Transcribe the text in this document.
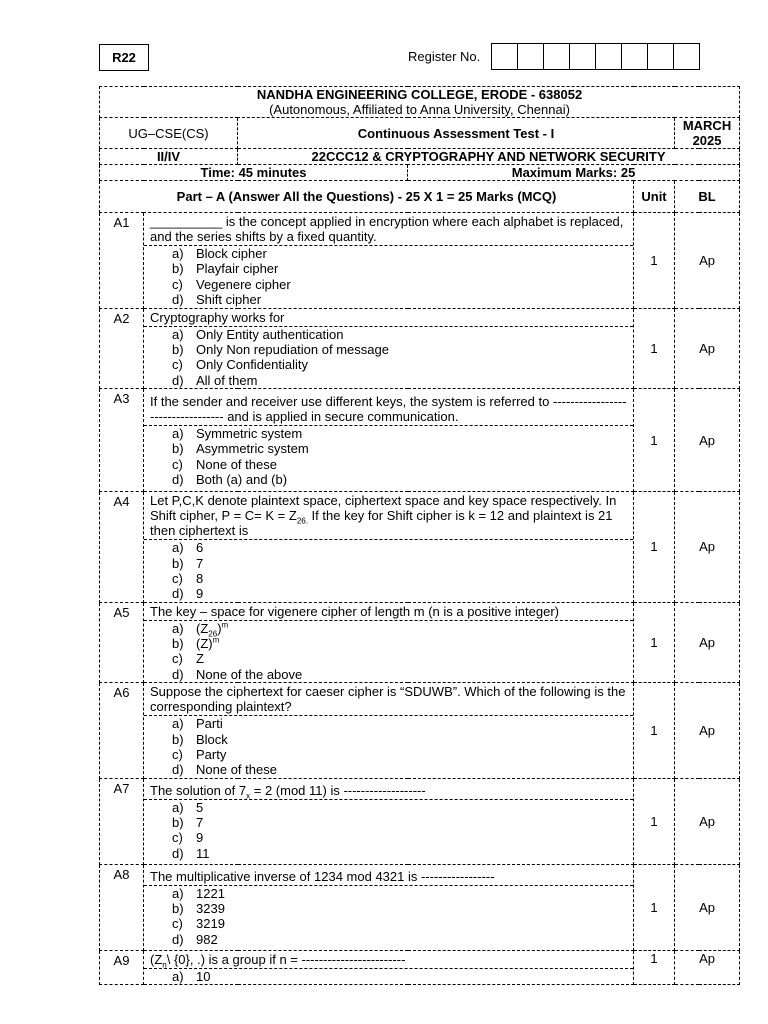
R22	Register No.
NANDHA ENGINEERING COLLEGE, ERODE - 638052
(Autonomous, Affiliated to Anna University, Chennai)

UG–CSE(CS)	Continuous Assessment Test - I	MARCH 2025
II/IV	22CCC12 & CRYPTOGRAPHY AND NETWORK SECURITY
Time: 45 minutes	Maximum Marks: 25
Part – A (Answer All the Questions) - 25 X 1 = 25 Marks (MCQ)	Unit	BL
A1	__________ is the concept applied in encryption where each alphabet is replaced, and the series shifts by a fixed quantity.

a) Block cipher
b) Playfair cipher
c)	Vegenere cipher
d) Shift cipher
	1	Ap
A2	Cryptography works for

a) Only Entity authentication
b) Only Non repudiation of message
c)	Only Confidentiality
d) All of them
	1	Ap
A3	If the sender and receiver use different keys, the system is referred to ---------------------------------- and is applied in secure communication.

a) Symmetric system
b) Asymmetric system
c)	None of these
d) Both (a) and (b)
	1	Ap
A4	Let P,C,K denote plaintext space, ciphertext space and key space respectively. In Shift cipher, $P = C= K = Z_{26.}$ If the key for Shift cipher is k = 12 and plaintext is 21 then ciphertext is

a) 6
b) 7
c)	8
d) 9
	1	Ap
A5	The key – space for vigenere cipher of length m (n is a positive integer)

a) $(Z_{26})^m$
b) $(Z)^m$
c)	Z
d) None of the above
	1	Ap
A6	Suppose the ciphertext for caeser cipher is “SDUWB”. Which of the following is the corresponding plaintext?

a) Parti
b) Block
c)	Party
d) None of these
	1	Ap
A7	The solution of $7_x = 2$ (mod 11) is -------------------

a) 5
b) 7
c)	9
d) 11
	1	Ap
A8	The multiplicative inverse of 1234 mod 4321 is -----------------

a) 1221
b) 3239
c)	3219
d) 982
	1	Ap
A9	($Z_n\backslash$ {0}, .) is a group if n = ------------------------

a) 10
	1	Ap
